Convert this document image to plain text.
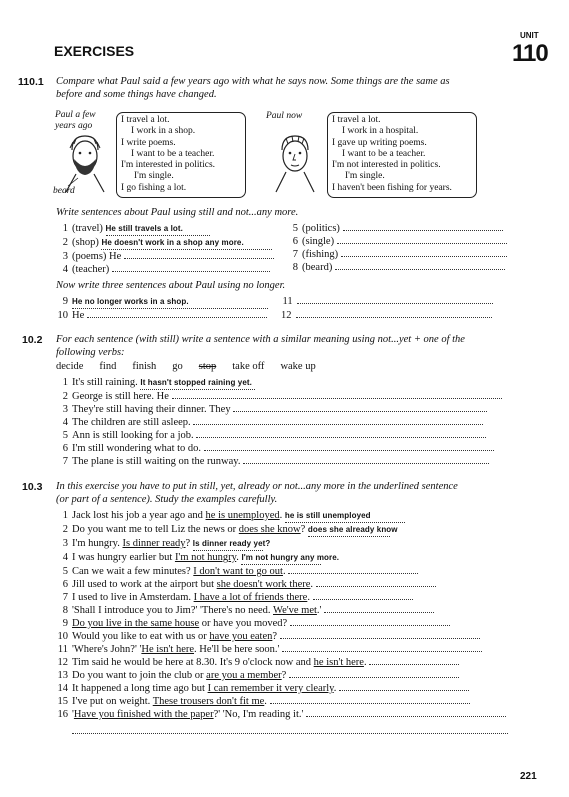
UNIT
110
EXERCISES
110.1 Compare what Paul said a few years ago with what he says now. Some things are the same as
before and some things have changed.
Paul a few
years ago
Paul now
beard
I travel a lot.
I work in a shop.
I write poems.
I want to be a teacher.
I'm interested in politics.
I'm single.
I go fishing a lot.
I travel a lot.
I work in a hospital.
I gave up writing poems.
I want to be a teacher.
I'm not interested in politics.
I'm single.
I haven't been fishing for years.
Write sentences about Paul using still and not...any more.
1 (travel) He still travels a lot.
2 (shop) He doesn't work in a shop any more.
3 (poems) He
4 (teacher)
5 (politics)
6 (single)
7 (fishing)
8 (beard)
Now write three sentences about Paul using no longer.
9 He no longer works in a shop.	11
10 He	12
10.2 For each sentence (with still) write a sentence with a similar meaning using not...yet + one of the
following verbs:
decide find finish go stop take off wake up
1 It's still raining. It hasn't stopped raining yet.
2 George is still here. He
3 They're still having their dinner. They
4 The children are still asleep.
5 Ann is still looking for a job.
6 I'm still wondering what to do.
7 The plane is still waiting on the runway.
10.3 In this exercise you have to put in still, yet, already or not...any more in the underlined sentence
(or part of a sentence). Study the examples carefully.
1 Jack lost his job a year ago and he is unemployed. he is still unemployed
2 Do you want me to tell Liz the news or does she know? does she already know
3 I'm hungry. Is dinner ready? Is dinner ready yet?
4 I was hungry earlier but I'm not hungry. I'm not hungry any more.
5 Can we wait a few minutes? I don't want to go out.
6 Jill used to work at the airport but she doesn't work there.
7 I used to live in Amsterdam. I have a lot of friends there.
8 'Shall I introduce you to Jim?' 'There's no need. We've met.'
9 Do you live in the same house or have you moved?
10 Would you like to eat with us or have you eaten?
11 'Where's John?' 'He isn't here. He'll be here soon.'
12 Tim said he would be here at 8.30. It's 9 o'clock now and he isn't here.
13 Do you want to join the club or are you a member?
14 It happened a long time ago but I can remember it very clearly.
15 I've put on weight. These trousers don't fit me.
16 'Have you finished with the paper?' 'No, I'm reading it.'
221
